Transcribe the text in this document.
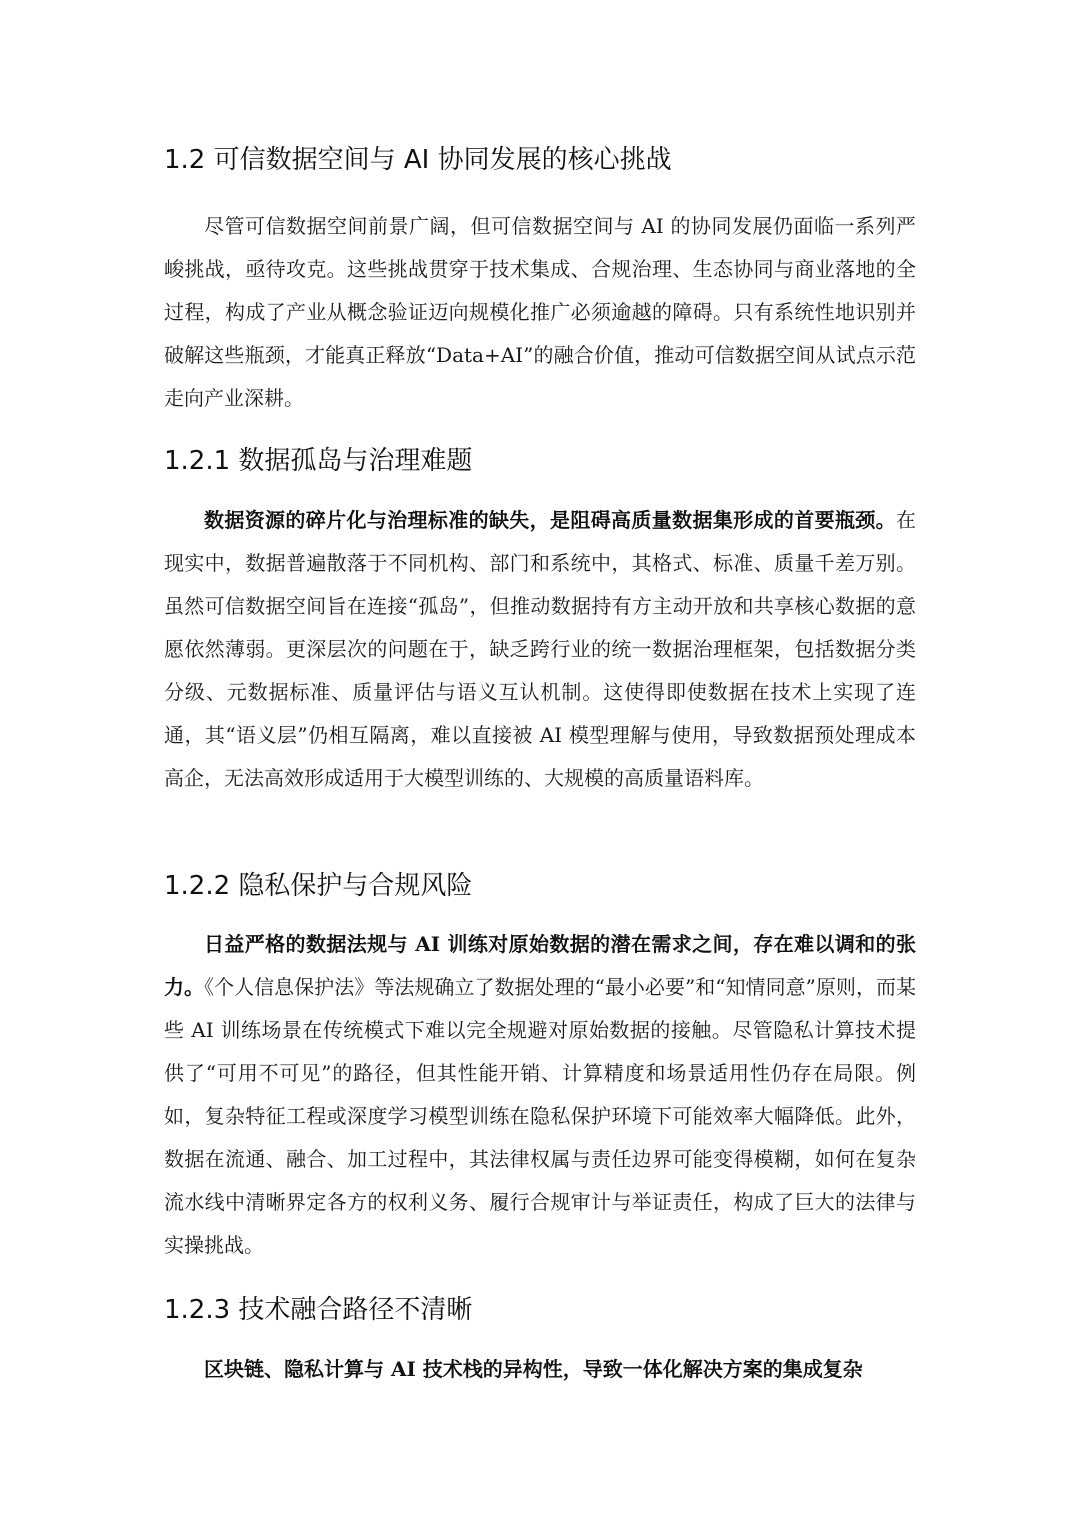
1.2 可信数据空间与 AI 协同发展的核心挑战

尽管可信数据空间前景广阔，但可信数据空间与 AI 的协同发展仍面临一系列严峻挑战，亟待攻克。这些挑战贯穿于技术集成、合规治理、生态协同与商业落地的全过程，构成了产业从概念验证迈向规模化推广必须逾越的障碍。只有系统性地识别并破解这些瓶颈，才能真正释放“Data+AI”的融合价值，推动可信数据空间从试点示范走向产业深耕。

1.2.1 数据孤岛与治理难题

数据资源的碎片化与治理标准的缺失，是阻碍高质量数据集形成的首要瓶颈。在现实中，数据普遍散落于不同机构、部门和系统中，其格式、标准、质量千差万别。虽然可信数据空间旨在连接“孤岛”，但推动数据持有方主动开放和共享核心数据的意愿依然薄弱。更深层次的问题在于，缺乏跨行业的统一数据治理框架，包括数据分类分级、元数据标准、质量评估与语义互认机制。这使得即使数据在技术上实现了连通，其“语义层”仍相互隔离，难以直接被 AI 模型理解与使用，导致数据预处理成本高企，无法高效形成适用于大模型训练的、大规模的高质量语料库。

1.2.2 隐私保护与合规风险

日益严格的数据法规与 AI 训练对原始数据的潜在需求之间，存在难以调和的张力。《个人信息保护法》等法规确立了数据处理的“最小必要”和“知情同意”原则，而某些 AI 训练场景在传统模式下难以完全规避对原始数据的接触。尽管隐私计算技术提供了“可用不可见”的路径，但其性能开销、计算精度和场景适用性仍存在局限。例如，复杂特征工程或深度学习模型训练在隐私保护环境下可能效率大幅降低。此外，数据在流通、融合、加工过程中，其法律权属与责任边界可能变得模糊，如何在复杂流水线中清晰界定各方的权利义务、履行合规审计与举证责任，构成了巨大的法律与实操挑战。

1.2.3 技术融合路径不清晰

区块链、隐私计算与 AI 技术栈的异构性，导致一体化解决方案的集成复杂
